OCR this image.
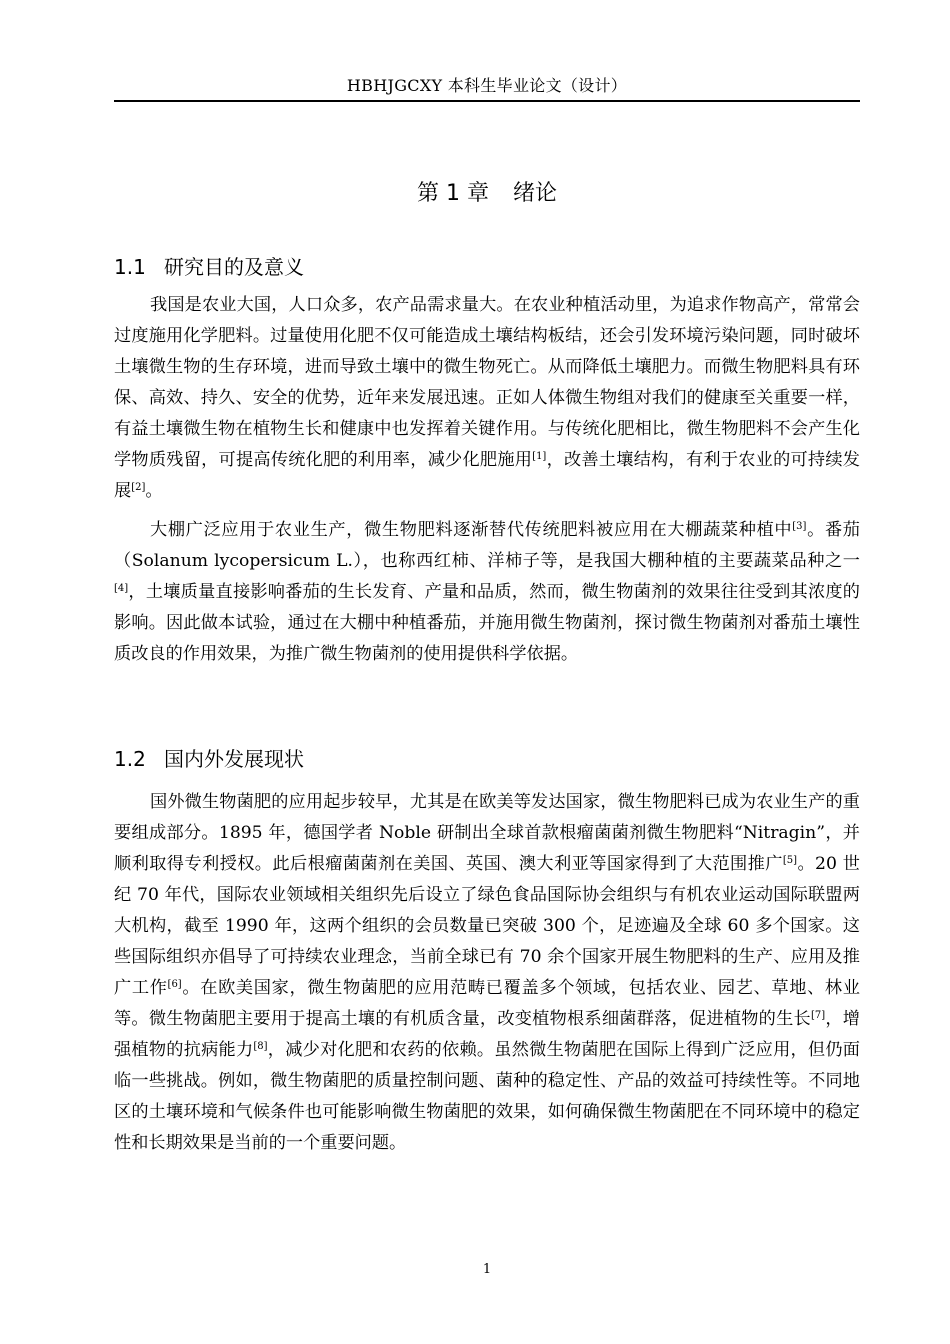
HBHJGCXY 本科生毕业论文（设计）
第 1 章 绪论
1.1 研究目的及意义

我国是农业大国，人口众多，农产品需求量大。在农业种植活动里，为追求作物高产，常常会过度施用化学肥料。过量使用化肥不仅可能造成土壤结构板结，还会引发环境污染问题，同时破坏土壤微生物的生存环境，进而导致土壤中的微生物死亡。从而降低土壤肥力。而微生物肥料具有环保、高效、持久、安全的优势，近年来发展迅速。正如人体微生物组对我们的健康至关重要一样，有益土壤微生物在植物生长和健康中也发挥着关键作用。与传统化肥相比，微生物肥料不会产生化学物质残留，可提高传统化肥的利用率，减少化肥施用[1]，改善土壤结构，有利于农业的可持续发展[2]。

大棚广泛应用于农业生产，微生物肥料逐渐替代传统肥料被应用在大棚蔬菜种植中[3]。番茄（Solanum lycopersicum L.），也称西红柿、洋柿子等，是我国大棚种植的主要蔬菜品种之一[4]，土壤质量直接影响番茄的生长发育、产量和品质，然而，微生物菌剂的效果往往受到其浓度的影响。因此做本试验，通过在大棚中种植番茄，并施用微生物菌剂，探讨微生物菌剂对番茄土壤性质改良的作用效果，为推广微生物菌剂的使用提供科学依据。

1.2 国内外发展现状

国外微生物菌肥的应用起步较早，尤其是在欧美等发达国家，微生物肥料已成为农业生产的重要组成部分。1895 年，德国学者 Noble 研制出全球首款根瘤菌菌剂微生物肥料“Nitragin”，并顺利取得专利授权。此后根瘤菌菌剂在美国、英国、澳大利亚等国家得到了大范围推广[5]。20 世纪 70 年代，国际农业领域相关组织先后设立了绿色食品国际协会组织与有机农业运动国际联盟两大机构，截至 1990 年，这两个组织的会员数量已突破 300 个，足迹遍及全球 60 多个国家。这些国际组织亦倡导了可持续农业理念，当前全球已有 70 余个国家开展生物肥料的生产、应用及推广工作[6]。在欧美国家，微生物菌肥的应用范畴已覆盖多个领域，包括农业、园艺、草地、林业等。微生物菌肥主要用于提高土壤的有机质含量，改变植物根系细菌群落，促进植物的生长[7]，增强植物的抗病能力[8]，减少对化肥和农药的依赖。虽然微生物菌肥在国际上得到广泛应用，但仍面临一些挑战。例如，微生物菌肥的质量控制问题、菌种的稳定性、产品的效益可持续性等。不同地区的土壤环境和气候条件也可能影响微生物菌肥的效果，如何确保微生物菌肥在不同环境中的稳定性和长期效果是当前的一个重要问题。

1
